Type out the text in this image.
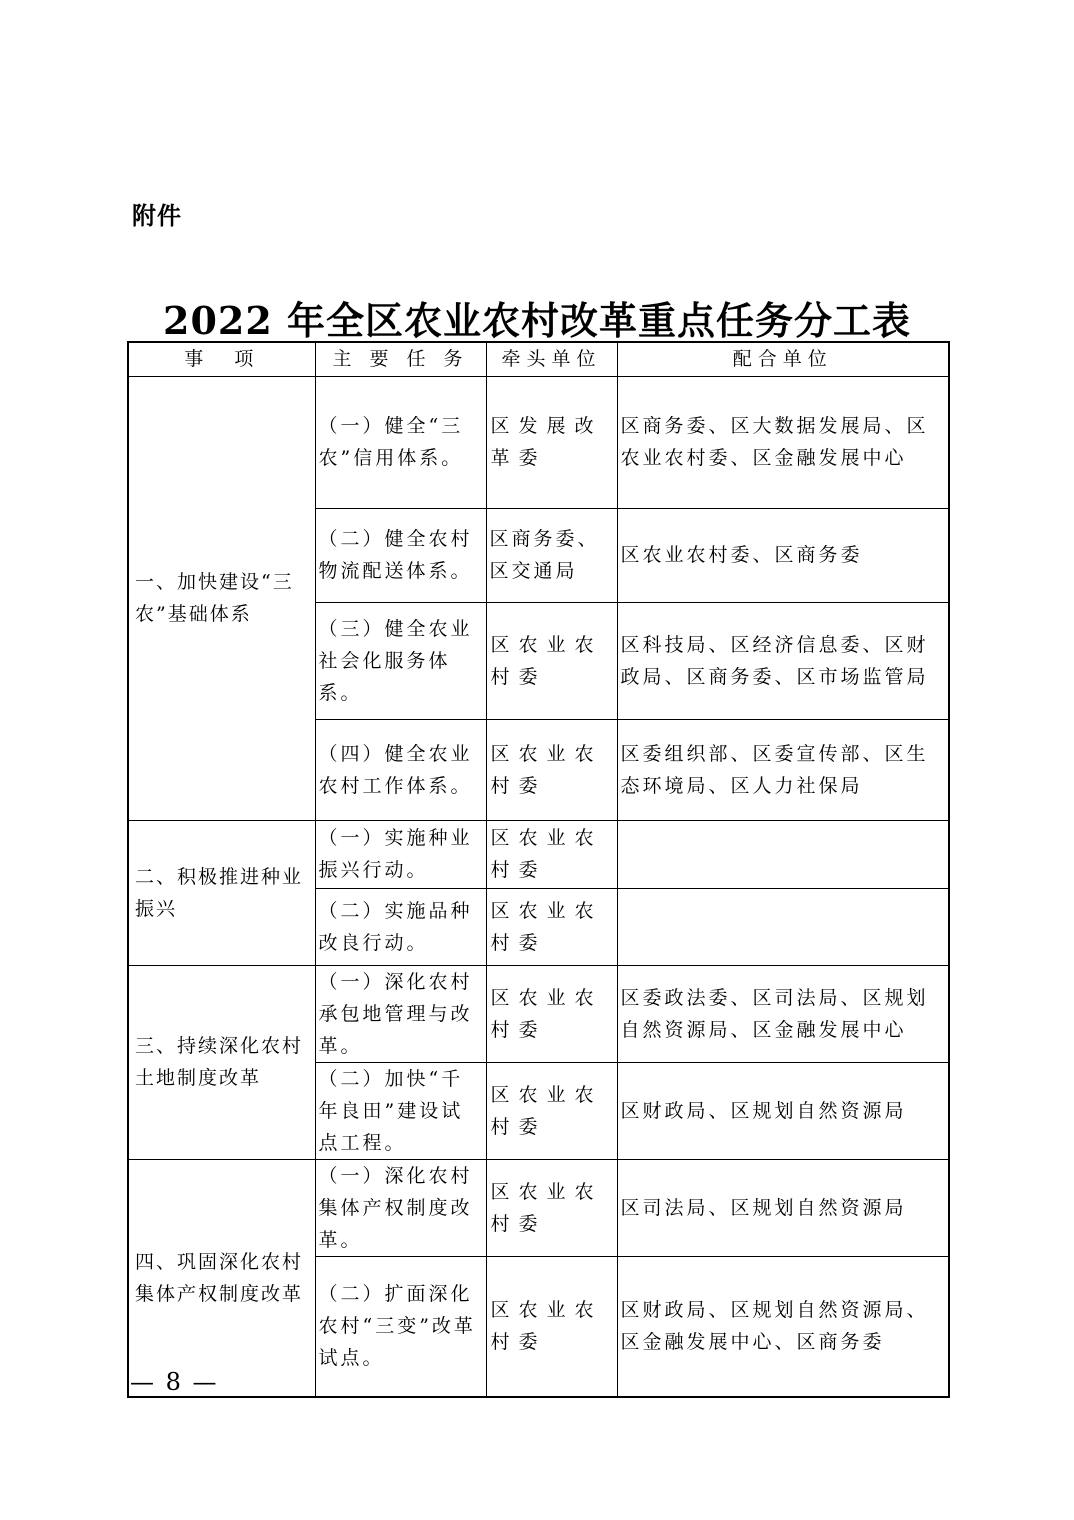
附件
2022 年全区农业农村改革重点任务分工表
事　项	主 要 任 务	牵头单位	配合单位
一、加快建设“三农”基础体系	（一）健全“三农”信用体系。	区发展改革委	区商务委、区大数据发展局、区农业农村委、区金融发展中心
	（二）健全农村物流配送体系。	区商务委、区交通局	区农业农村委、区商务委
	（三）健全农业社会化服务体系。	区农业农村委	区科技局、区经济信息委、区财政局、区商务委、区市场监管局
	（四）健全农业农村工作体系。	区农业农村委	区委组织部、区委宣传部、区生态环境局、区人力社保局
二、积极推进种业振兴	（一）实施种业振兴行动。	区农业农村委	
	（二）实施品种改良行动。	区农业农村委	
三、持续深化农村土地制度改革	（一）深化农村承包地管理与改革。	区农业农村委	区委政法委、区司法局、区规划自然资源局、区金融发展中心
	（二）加快“千年良田”建设试点工程。	区农业农村委	区财政局、区规划自然资源局
四、巩固深化农村集体产权制度改革	（一）深化农村集体产权制度改革。	区农业农村委	区司法局、区规划自然资源局
	（二）扩面深化农村“三变”改革试点。	区农业农村委	区财政局、区规划自然资源局、区金融发展中心、区商务委
— 8 —
